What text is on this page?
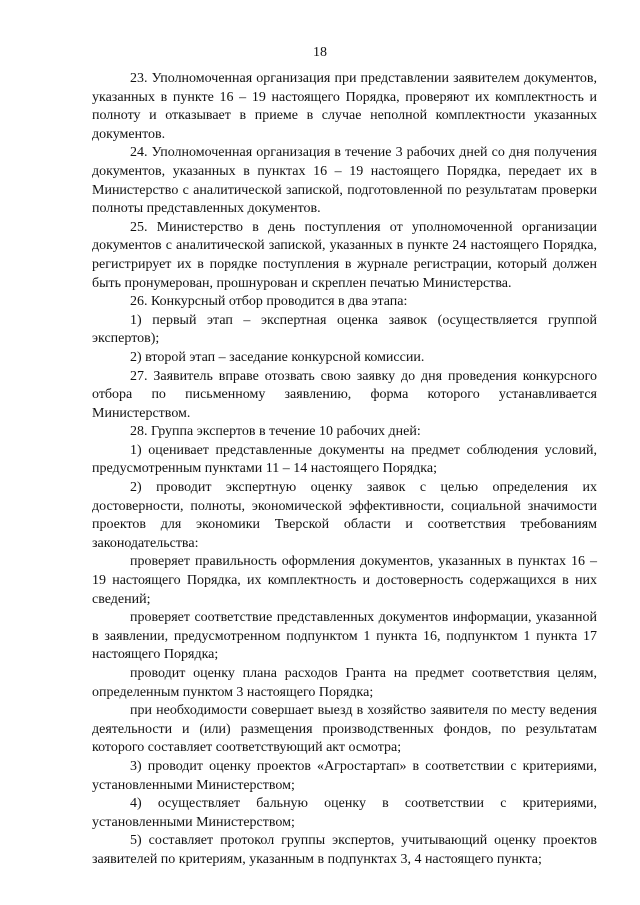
18

23. Уполномоченная организация при представлении заявителем документов, указанных в пункте 16 – 19 настоящего Порядка, проверяют их комплектность и полноту и отказывает в приеме в случае неполной комплектности указанных документов.

24. Уполномоченная организация в течение 3 рабочих дней со дня получения документов, указанных в пунктах 16 – 19 настоящего Порядка, передает их в Министерство с аналитической запиской, подготовленной по результатам проверки полноты представленных документов.

25. Министерство в день поступления от уполномоченной организации документов с аналитической запиской, указанных в пункте 24 настоящего Порядка, регистрирует их в порядке поступления в журнале регистрации, который должен быть пронумерован, прошнурован и скреплен печатью Министерства.

26. Конкурсный отбор проводится в два этапа:

1) первый этап – экспертная оценка заявок (осуществляется группой экспертов);

2) второй этап – заседание конкурсной комиссии.

27. Заявитель вправе отозвать свою заявку до дня проведения конкурсного отбора по письменному заявлению, форма которого устанавливается Министерством.

28. Группа экспертов в течение 10 рабочих дней:

1) оценивает представленные документы на предмет соблюдения условий, предусмотренным пунктами 11 – 14 настоящего Порядка;

2) проводит экспертную оценку заявок с целью определения их достоверности, полноты, экономической эффективности, социальной значимости проектов для экономики Тверской области и соответствия требованиям законодательства:

проверяет правильность оформления документов, указанных в пунктах 16 – 19 настоящего Порядка, их комплектность и достоверность содержащихся в них сведений;

проверяет соответствие представленных документов информации, указанной в заявлении, предусмотренном подпунктом 1 пункта 16, подпунктом 1 пункта 17 настоящего Порядка;

проводит оценку плана расходов Гранта на предмет соответствия целям, определенным пунктом 3 настоящего Порядка;

при необходимости совершает выезд в хозяйство заявителя по месту ведения деятельности и (или) размещения производственных фондов, по результатам которого составляет соответствующий акт осмотра;

3) проводит оценку проектов «Агростартап» в соответствии с критериями, установленными Министерством;

4) осуществляет бальную оценку в соответствии с критериями, установленными Министерством;

5) составляет протокол группы экспертов, учитывающий оценку проектов заявителей по критериям, указанным в подпунктах 3, 4 настоящего пункта;
